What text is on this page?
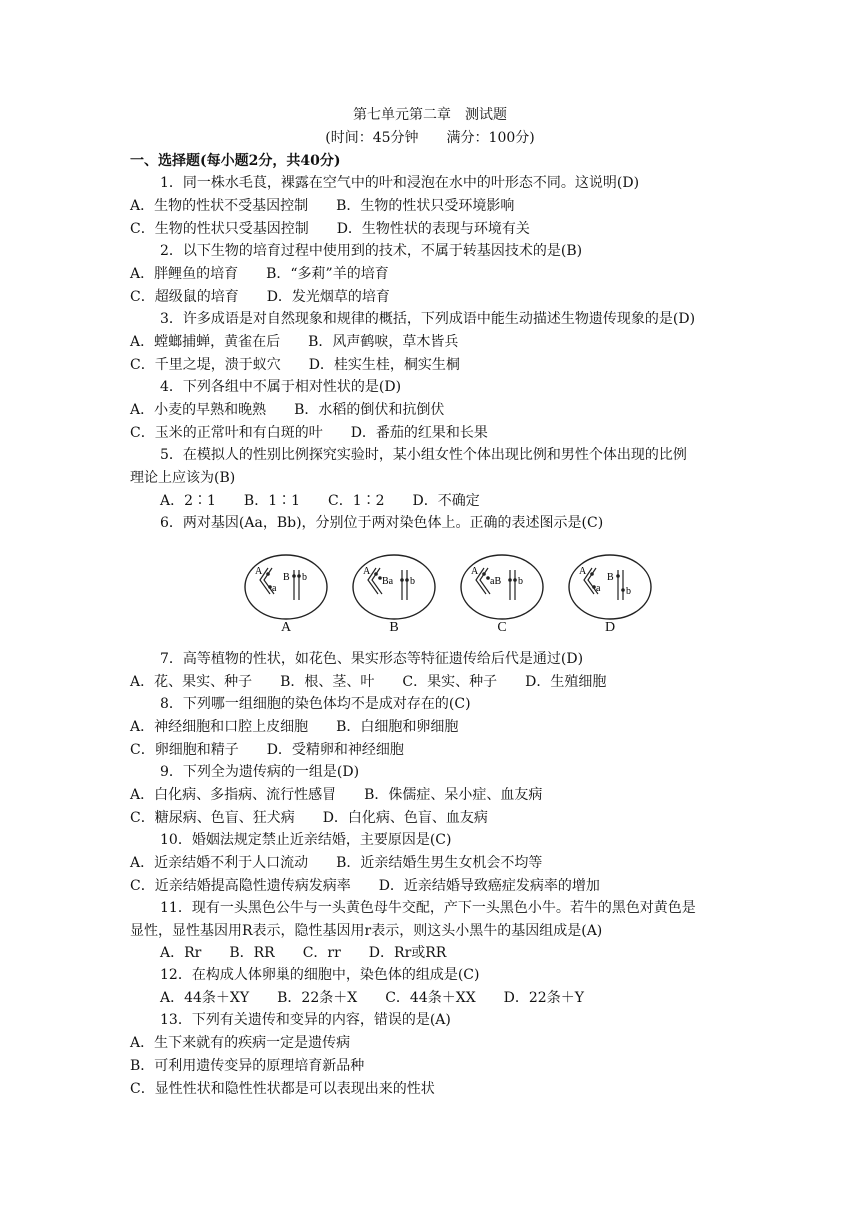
第七单元第二章　测试题
(时间：45分钟　　满分：100分)
一、选择题(每小题2分，共40分)
1．同一株水毛茛，裸露在空气中的叶和浸泡在水中的叶形态不同。这说明(D)
A．生物的性状不受基因控制　　B．生物的性状只受环境影响
C．生物的性状只受基因控制　　D．生物性状的表现与环境有关
2．以下生物的培育过程中使用到的技术，不属于转基因技术的是(B)
A．胖鲤鱼的培育　　B．“多莉”羊的培育
C．超级鼠的培育　　D．发光烟草的培育
3．许多成语是对自然现象和规律的概括，下列成语中能生动描述生物遗传现象的是(D)
A．螳螂捕蝉，黄雀在后　　B．风声鹤唳，草木皆兵
C．千里之堤，溃于蚁穴　　D．桂实生桂，桐实生桐
4．下列各组中不属于相对性状的是(D)
A．小麦的早熟和晚熟　　B．水稻的倒伏和抗倒伏
C．玉米的正常叶和有白斑的叶　　D．番茄的红果和长果
5．在模拟人的性别比例探究实验时，某小组女性个体出现比例和男性个体出现的比例
理论上应该为(B)
A．2∶1　　B．1∶1　　C．1∶2　　D．不确定
6．两对基因(Aa，Bb)，分别位于两对染色体上。正确的表述图示是(C)
A
a
B b
A
A
Ba b
B
A
aB b
C
A
a
B
b
D
7．高等植物的性状，如花色、果实形态等特征遗传给后代是通过(D)
A．花、果实、种子　　B．根、茎、叶　　C．果实、种子　　D．生殖细胞
8．下列哪一组细胞的染色体均不是成对存在的(C)
A．神经细胞和口腔上皮细胞　　B．白细胞和卵细胞
C．卵细胞和精子　　D．受精卵和神经细胞
9．下列全为遗传病的一组是(D)
A．白化病、多指病、流行性感冒　　B．侏儒症、呆小症、血友病
C．糖尿病、色盲、狂犬病　　D．白化病、色盲、血友病
10．婚姻法规定禁止近亲结婚，主要原因是(C)
A．近亲结婚不利于人口流动　　B．近亲结婚生男生女机会不均等
C．近亲结婚提高隐性遗传病发病率　　D．近亲结婚导致癌症发病率的增加
11．现有一头黑色公牛与一头黄色母牛交配，产下一头黑色小牛。若牛的黑色对黄色是
显性，显性基因用R表示，隐性基因用r表示，则这头小黑牛的基因组成是(A)
A．Rr　　B．RR　　C．rr　　D．Rr或RR
12．在构成人体卵巢的细胞中，染色体的组成是(C)
A．44条＋XY　　B．22条＋X　　C．44条＋XX　　D．22条＋Y
13．下列有关遗传和变异的内容，错误的是(A)
A．生下来就有的疾病一定是遗传病
B．可利用遗传变异的原理培育新品种
C．显性性状和隐性性状都是可以表现出来的性状
